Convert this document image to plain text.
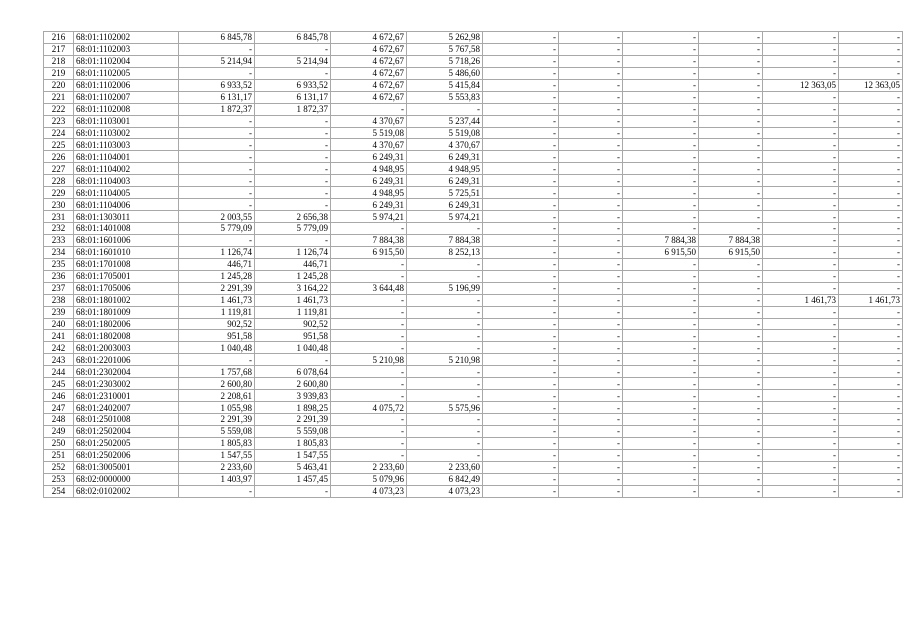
216	68:01:1102002	6 845,78	6 845,78	4 672,67	5 262,98	-	-	-	-	-	-
217	68:01:1102003	-	-	4 672,67	5 767,58	-	-	-	-	-	-
218	68:01:1102004	5 214,94	5 214,94	4 672,67	5 718,26	-	-	-	-	-	-
219	68:01:1102005	-	-	4 672,67	5 486,60	-	-	-	-	-	-
220	68:01:1102006	6 933,52	6 933,52	4 672,67	5 415,84	-	-	-	-	12 363,05	12 363,05
221	68:01:1102007	6 131,17	6 131,17	4 672,67	5 553,83	-	-	-	-	-	-
222	68:01:1102008	1 872,37	1 872,37	-	-	-	-	-	-	-	-
223	68:01:1103001	-	-	4 370,67	5 237,44	-	-	-	-	-	-
224	68:01:1103002	-	-	5 519,08	5 519,08	-	-	-	-	-	-
225	68:01:1103003	-	-	4 370,67	4 370,67	-	-	-	-	-	-
226	68:01:1104001	-	-	6 249,31	6 249,31	-	-	-	-	-	-
227	68:01:1104002	-	-	4 948,95	4 948,95	-	-	-	-	-	-
228	68:01:1104003	-	-	6 249,31	6 249,31	-	-	-	-	-	-
229	68:01:1104005	-	-	4 948,95	5 725,51	-	-	-	-	-	-
230	68:01:1104006	-	-	6 249,31	6 249,31	-	-	-	-	-	-
231	68:01:1303011	2 003,55	2 656,38	5 974,21	5 974,21	-	-	-	-	-	-
232	68:01:1401008	5 779,09	5 779,09	-	-	-	-	-	-	-	-
233	68:01:1601006	-	-	7 884,38	7 884,38	-	-	7 884,38	7 884,38	-	-
234	68:01:1601010	1 126,74	1 126,74	6 915,50	8 252,13	-	-	6 915,50	6 915,50	-	-
235	68:01:1701008	446,71	446,71	-	-	-	-	-	-	-	-
236	68:01:1705001	1 245,28	1 245,28	-	-	-	-	-	-	-	-
237	68:01:1705006	2 291,39	3 164,22	3 644,48	5 196,99	-	-	-	-	-	-
238	68:01:1801002	1 461,73	1 461,73	-	-	-	-	-	-	1 461,73	1 461,73
239	68:01:1801009	1 119,81	1 119,81	-	-	-	-	-	-	-	-
240	68:01:1802006	902,52	902,52	-	-	-	-	-	-	-	-
241	68:01:1802008	951,58	951,58	-	-	-	-	-	-	-	-
242	68:01:2003003	1 040,48	1 040,48	-	-	-	-	-	-	-	-
243	68:01:2201006	-	-	5 210,98	5 210,98	-	-	-	-	-	-
244	68:01:2302004	1 757,68	6 078,64	-	-	-	-	-	-	-	-
245	68:01:2303002	2 600,80	2 600,80	-	-	-	-	-	-	-	-
246	68:01:2310001	2 208,61	3 939,83	-	-	-	-	-	-	-	-
247	68:01:2402007	1 055,98	1 898,25	4 075,72	5 575,96	-	-	-	-	-	-
248	68:01:2501008	2 291,39	2 291,39	-	-	-	-	-	-	-	-
249	68:01:2502004	5 559,08	5 559,08	-	-	-	-	-	-	-	-
250	68:01:2502005	1 805,83	1 805,83	-	-	-	-	-	-	-	-
251	68:01:2502006	1 547,55	1 547,55	-	-	-	-	-	-	-	-
252	68:01:3005001	2 233,60	5 463,41	2 233,60	2 233,60	-	-	-	-	-	-
253	68:02:0000000	1 403,97	1 457,45	5 079,96	6 842,49	-	-	-	-	-	-
254	68:02:0102002	-	-	4 073,23	4 073,23	-	-	-	-	-	-
